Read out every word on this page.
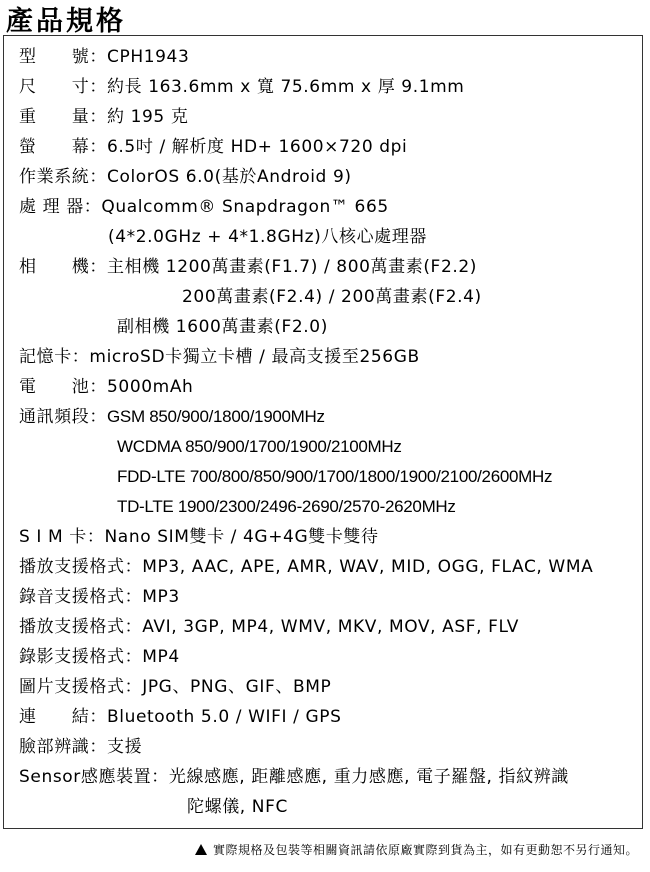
產品規格
型　　號：CPH1943
尺　　寸：約長 163.6mm x 寬 75.6mm x 厚 9.1mm
重　　量：約 195 克
螢　　幕：6.5吋 / 解析度 HD+ 1600×720 dpi
作業系統：ColorOS 6.0(基於Android 9)
處 理 器：Qualcomm® Snapdragon™ 665
(4*2.0GHz + 4*1.8GHz)八核心處理器
相　　機：主相機 1200萬畫素(F1.7) / 800萬畫素(F2.2)
200萬畫素(F2.4) / 200萬畫素(F2.4)
副相機 1600萬畫素(F2.0)
記憶卡：microSD卡獨立卡槽 / 最高支援至256GB
電　　池：5000mAh
通訊頻段：GSM 850/900/1800/1900MHz
WCDMA 850/900/1700/1900/2100MHz
FDD-LTE 700/800/850/900/1700/1800/1900/2100/2600MHz
TD-LTE 1900/2300/2496-2690/2570-2620MHz
S I M 卡：Nano SIM雙卡 / 4G+4G雙卡雙待
播放支援格式：MP3, AAC, APE, AMR, WAV, MID, OGG, FLAC, WMA
錄音支援格式：MP3
播放支援格式：AVI, 3GP, MP4, WMV, MKV, MOV, ASF, FLV
錄影支援格式：MP4
圖片支援格式：JPG、PNG、GIF、BMP
連　　結：Bluetooth 5.0 / WIFI / GPS
臉部辨識：支援
Sensor感應裝置：光線感應, 距離感應, 重力感應, 電子羅盤, 指紋辨識
陀螺儀, NFC
實際規格及包裝等相關資訊請依原廠實際到貨為主，如有更動恕不另行通知。
